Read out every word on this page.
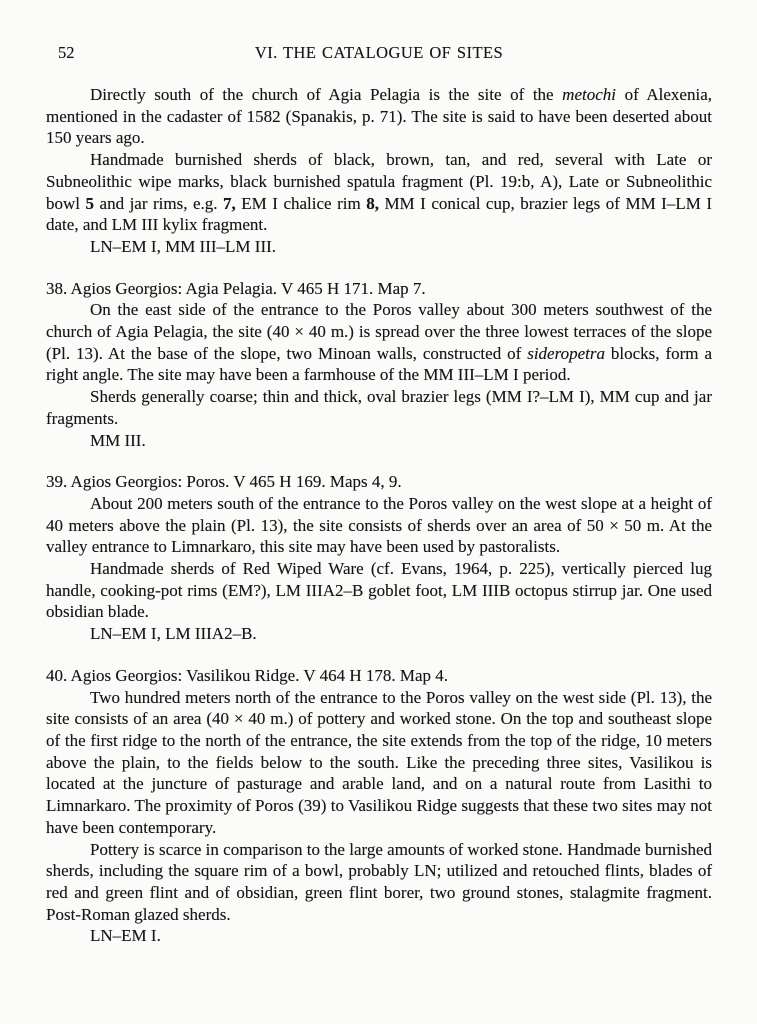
52	VI. THE CATALOGUE OF SITES

Directly south of the church of Agia Pelagia is the site of the metochi of Alexenia, mentioned in the cadaster of 1582 (Spanakis, p. 71). The site is said to have been deserted about 150 years ago.

Handmade burnished sherds of black, brown, tan, and red, several with Late or Subneolithic wipe marks, black burnished spatula fragment (Pl. 19:b, A), Late or Subneolithic bowl 5 and jar rims, e.g. 7, EM I chalice rim 8, MM I conical cup, brazier legs of MM I–LM I date, and LM III kylix fragment.

LN–EM I, MM III–LM III.

38. Agios Georgios: Agia Pelagia. V 465 H 171. Map 7.

On the east side of the entrance to the Poros valley about 300 meters southwest of the church of Agia Pelagia, the site (40 × 40 m.) is spread over the three lowest terraces of the slope (Pl. 13). At the base of the slope, two Minoan walls, constructed of sideropetra blocks, form a right angle. The site may have been a farmhouse of the MM III–LM I period.

Sherds generally coarse; thin and thick, oval brazier legs (MM I?–LM I), MM cup and jar fragments.

MM III.

39. Agios Georgios: Poros. V 465 H 169. Maps 4, 9.

About 200 meters south of the entrance to the Poros valley on the west slope at a height of 40 meters above the plain (Pl. 13), the site consists of sherds over an area of 50 × 50 m. At the valley entrance to Limnarkaro, this site may have been used by pastoralists.

Handmade sherds of Red Wiped Ware (cf. Evans, 1964, p. 225), vertically pierced lug handle, cooking-pot rims (EM?), LM IIIA2–B goblet foot, LM IIIB octopus stirrup jar. One used obsidian blade.

LN–EM I, LM IIIA2–B.

40. Agios Georgios: Vasilikou Ridge. V 464 H 178. Map 4.

Two hundred meters north of the entrance to the Poros valley on the west side (Pl. 13), the site consists of an area (40 × 40 m.) of pottery and worked stone. On the top and southeast slope of the first ridge to the north of the entrance, the site extends from the top of the ridge, 10 meters above the plain, to the fields below to the south. Like the preceding three sites, Vasilikou is located at the juncture of pasturage and arable land, and on a natural route from Lasithi to Limnarkaro. The proximity of Poros (39) to Vasilikou Ridge suggests that these two sites may not have been contemporary.

Pottery is scarce in comparison to the large amounts of worked stone. Handmade burnished sherds, including the square rim of a bowl, probably LN; utilized and retouched flints, blades of red and green flint and of obsidian, green flint borer, two ground stones, stalagmite fragment. Post-Roman glazed sherds.

LN–EM I.
